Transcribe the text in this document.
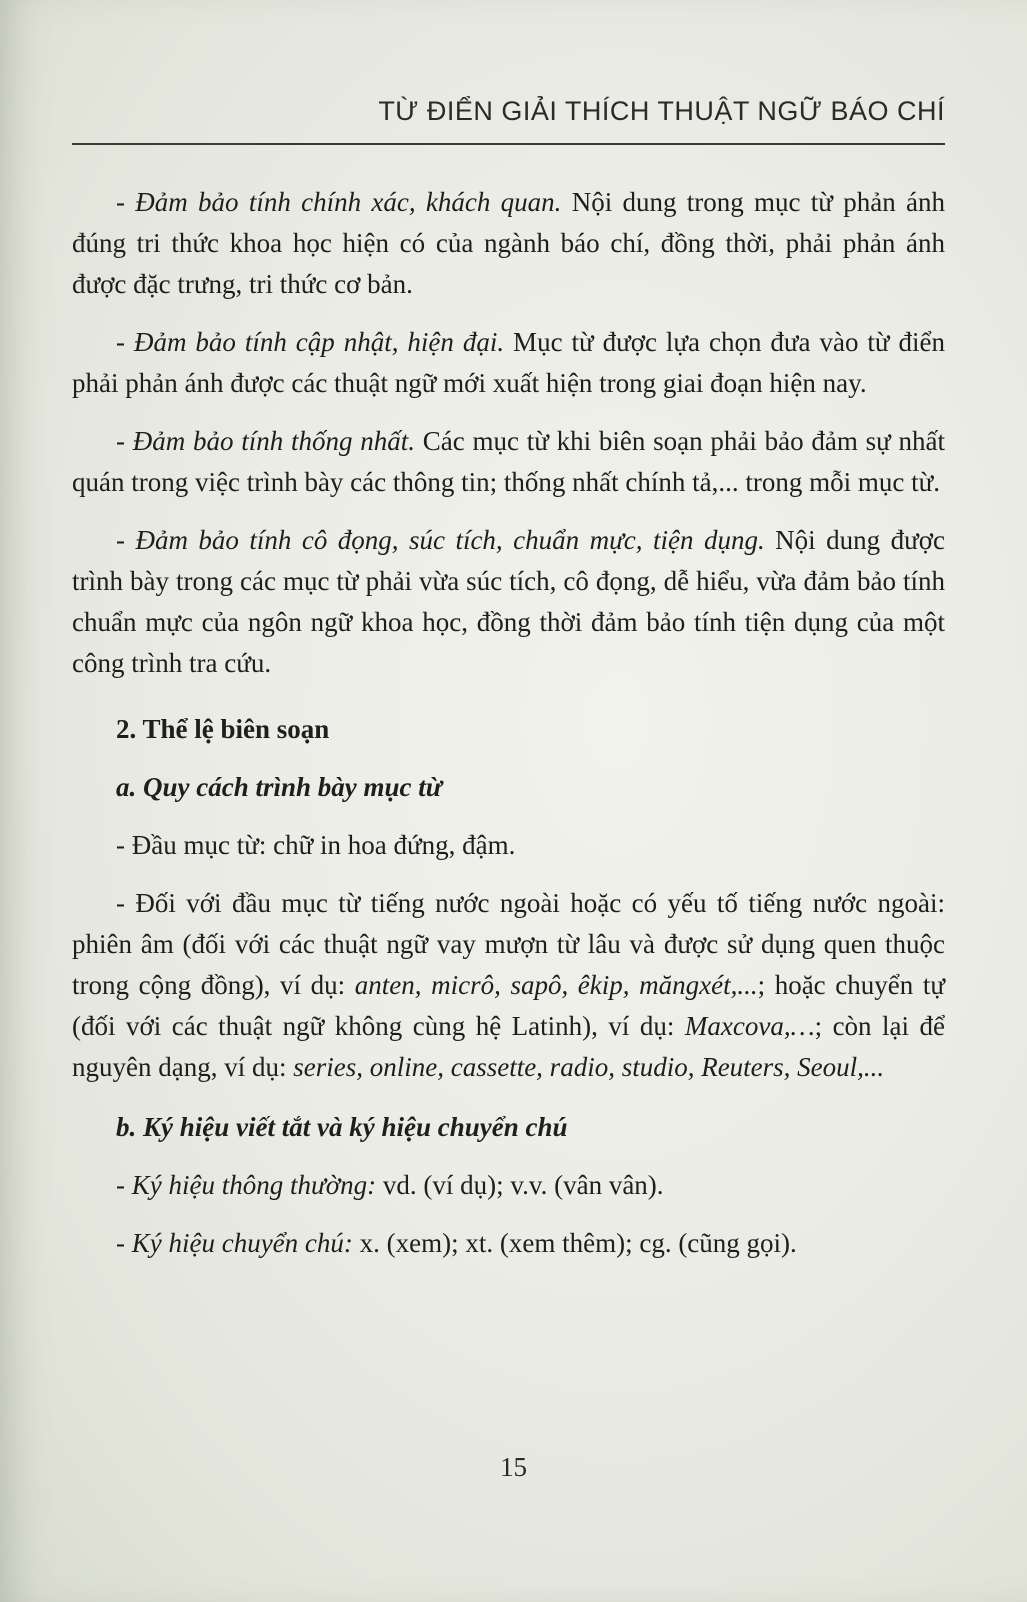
TỪ ĐIỂN GIẢI THÍCH THUẬT NGỮ BÁO CHÍ

- Đảm bảo tính chính xác, khách quan. Nội dung trong mục từ phản ánh đúng tri thức khoa học hiện có của ngành báo chí, đồng thời, phải phản ánh được đặc trưng, tri thức cơ bản.

- Đảm bảo tính cập nhật, hiện đại. Mục từ được lựa chọn đưa vào từ điển phải phản ánh được các thuật ngữ mới xuất hiện trong giai đoạn hiện nay.

- Đảm bảo tính thống nhất. Các mục từ khi biên soạn phải bảo đảm sự nhất quán trong việc trình bày các thông tin; thống nhất chính tả,... trong mỗi mục từ.

- Đảm bảo tính cô đọng, súc tích, chuẩn mực, tiện dụng. Nội dung được trình bày trong các mục từ phải vừa súc tích, cô đọng, dễ hiểu, vừa đảm bảo tính chuẩn mực của ngôn ngữ khoa học, đồng thời đảm bảo tính tiện dụng của một công trình tra cứu.

2. Thể lệ biên soạn

a. Quy cách trình bày mục từ

- Đầu mục từ: chữ in hoa đứng, đậm.

- Đối với đầu mục từ tiếng nước ngoài hoặc có yếu tố tiếng nước ngoài: phiên âm (đối với các thuật ngữ vay mượn từ lâu và được sử dụng quen thuộc trong cộng đồng), ví dụ: anten, micrô, sapô, êkip, măngxét,...; hoặc chuyển tự (đối với các thuật ngữ không cùng hệ Latinh), ví dụ: Maxcova,…; còn lại để nguyên dạng, ví dụ: series, online, cassette, radio, studio, Reuters, Seoul,...

b. Ký hiệu viết tắt và ký hiệu chuyển chú

- Ký hiệu thông thường: vd. (ví dụ); v.v. (vân vân).

- Ký hiệu chuyển chú: x. (xem); xt. (xem thêm); cg. (cũng gọi).

15
